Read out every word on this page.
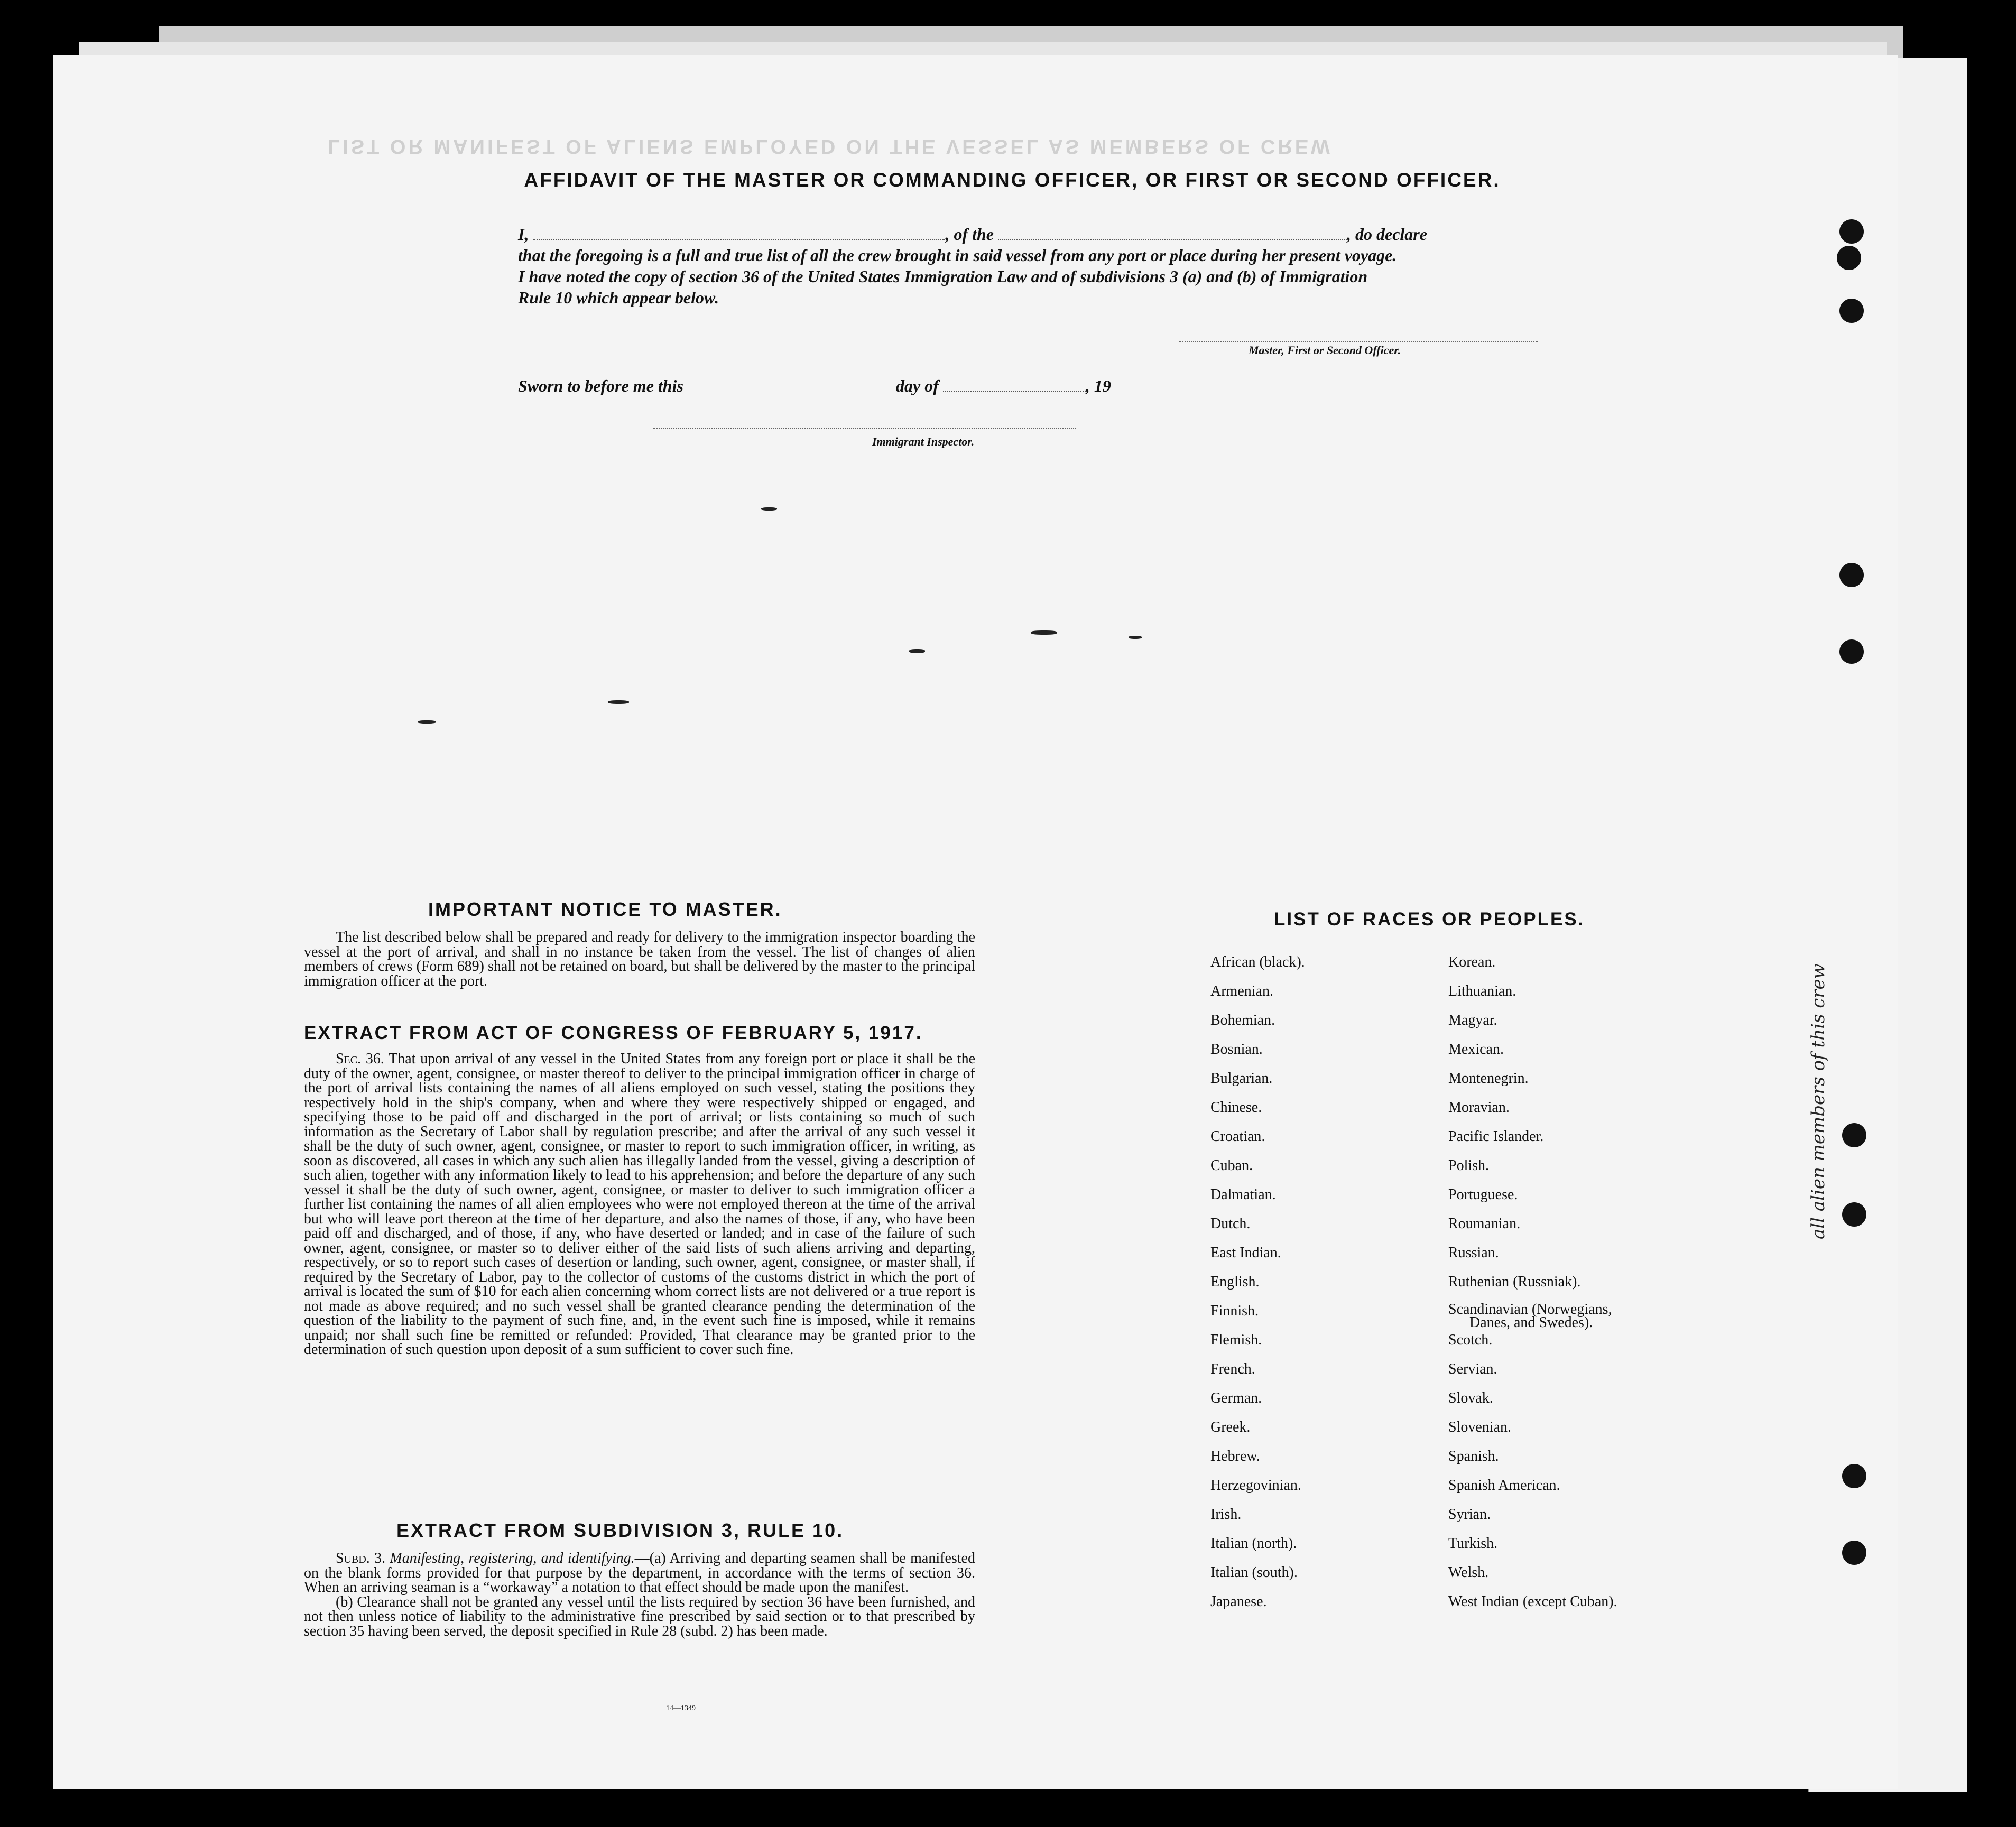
LIST OR MANIFEST OF ALIENS EMPLOYED ON THE VESSEL AS MEMBERS OF CREW
AFFIDAVIT OF THE MASTER OR COMMANDING OFFICER, OR FIRST OR SECOND OFFICER.
I,	, of the	, do declare
that the foregoing is a full and true list of all the crew brought in said vessel from any port or place during her present voyage.
I have noted the copy of section 36 of the United States Immigration Law and of subdivisions 3 (a) and (b) of Immigration
Rule 10 which appear below.
Master, First or Second Officer.
Sworn to before me this	day of	, 19
Immigrant Inspector.
IMPORTANT NOTICE TO MASTER.

The list described below shall be prepared and ready for delivery to the immigration inspector boarding the vessel at the port of arrival, and shall in no instance be taken from the vessel. The list of changes of alien members of crews (Form 689) shall not be retained on board, but shall be delivered by the master to the principal immigration officer at the port.

EXTRACT FROM ACT OF CONGRESS OF FEBRUARY 5, 1917.

Sec. 36. That upon arrival of any vessel in the United States from any foreign port or place it shall be the duty of the owner, agent, consignee, or master thereof to deliver to the principal immigration officer in charge of the port of arrival lists containing the names of all aliens employed on such vessel, stating the positions they respectively hold in the ship's company, when and where they were respectively shipped or engaged, and specifying those to be paid off and discharged in the port of arrival; or lists containing so much of such information as the Secretary of Labor shall by regulation prescribe; and after the arrival of any such vessel it shall be the duty of such owner, agent, consignee, or master to report to such immigration officer, in writing, as soon as discovered, all cases in which any such alien has illegally landed from the vessel, giving a description of such alien, together with any information likely to lead to his apprehension; and before the departure of any such vessel it shall be the duty of such owner, agent, consignee, or master to deliver to such immigration officer a further list containing the names of all alien employees who were not employed thereon at the time of the arrival but who will leave port thereon at the time of her departure, and also the names of those, if any, who have been paid off and discharged, and of those, if any, who have deserted or landed; and in case of the failure of such owner, agent, consignee, or master so to deliver either of the said lists of such aliens arriving and departing, respectively, or so to report such cases of desertion or landing, such owner, agent, consignee, or master shall, if required by the Secretary of Labor, pay to the collector of customs of the customs district in which the port of arrival is located the sum of $10 for each alien concerning whom correct lists are not delivered or a true report is not made as above required; and no such vessel shall be granted clearance pending the determination of the question of the liability to the payment of such fine, and, in the event such fine is imposed, while it remains unpaid; nor shall such fine be remitted or refunded: Provided, That clearance may be granted prior to the determination of such question upon deposit of a sum sufficient to cover such fine.

EXTRACT FROM SUBDIVISION 3, RULE 10.

Subd. 3. Manifesting, registering, and identifying.—(a) Arriving and departing seamen shall be manifested on the blank forms provided for that purpose by the department, in accordance with the terms of section 36. When an arriving seaman is a “workaway” a notation to that effect should be made upon the manifest.

(b) Clearance shall not be granted any vessel until the lists required by section 36 have been furnished, and not then unless notice of liability to the administrative fine prescribed by said section or to that prescribed by section 35 having been served, the deposit specified in Rule 28 (subd. 2) has been made.

14—1349
LIST OF RACES OR PEOPLES.
African (black).
Armenian.
Bohemian.
Bosnian.
Bulgarian.
Chinese.
Croatian.
Cuban.
Dalmatian.
Dutch.
East Indian.
English.
Finnish.
Flemish.
French.
German.
Greek.
Hebrew.
Herzegovinian.
Irish.
Italian (north).
Italian (south).
Japanese.
Korean.
Lithuanian.
Magyar.
Mexican.
Montenegrin.
Moravian.
Pacific Islander.
Polish.
Portuguese.
Roumanian.
Russian.
Ruthenian (Russniak).
Scandinavian (Norwegians,
Danes, and Swedes).
Scotch.
Servian.
Slovak.
Slovenian.
Spanish.
Spanish American.
Syrian.
Turkish.
Welsh.
West Indian (except Cuban).
all alien members of this crew
